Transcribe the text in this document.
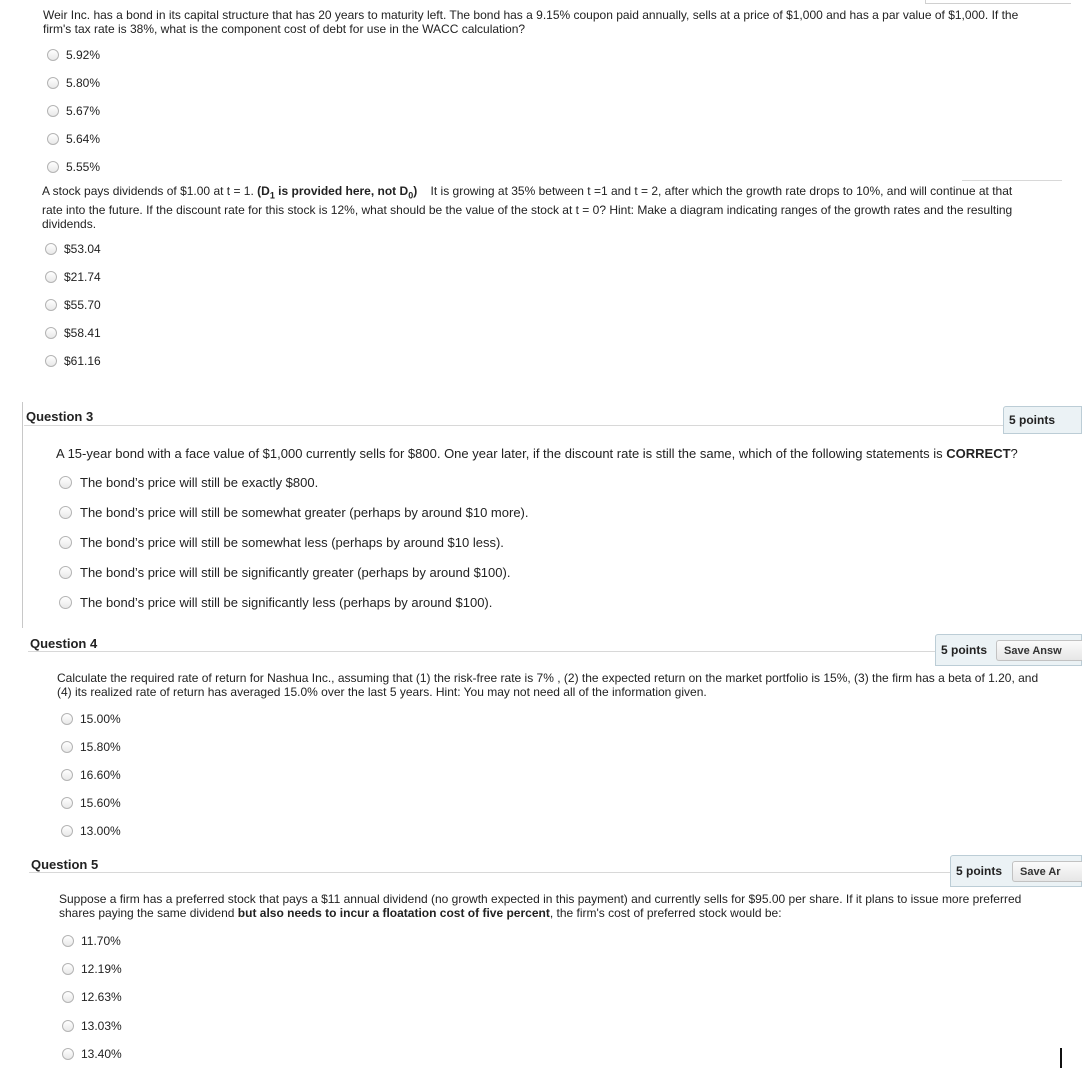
Weir Inc. has a bond in its capital structure that has 20 years to maturity left. The bond has a 9.15% coupon paid annually, sells at a price of $1,000 and has a par value of $1,000. If the
firm's tax rate is 38%, what is the component cost of debt for use in the WACC calculation?
5.92%
5.80%
5.67%
5.64%
5.55%
A stock pays dividends of $1.00 at t = 1. ($D_1$ is provided here, not $D_0$)    It is growing at 35% between t =1 and t = 2, after which the growth rate drops to 10%, and will continue at that
rate into the future. If the discount rate for this stock is 12%, what should be the value of the stock at t = 0? Hint: Make a diagram indicating ranges of the growth rates and the resulting
dividends.
$53.04
$21.74
$55.70
$58.41
$61.16
Question 3	5 points
A 15-year bond with a face value of $1,000 currently sells for $800. One year later, if the discount rate is still the same, which of the following statements is CORRECT?
The bond’s price will still be exactly $800.
The bond’s price will still be somewhat greater (perhaps by around $10 more).
The bond’s price will still be somewhat less (perhaps by around $10 less).
The bond’s price will still be significantly greater (perhaps by around $100).
The bond’s price will still be significantly less (perhaps by around $100).
Question 4	5 points	Save Answ
Calculate the required rate of return for Nashua Inc., assuming that (1) the risk-free rate is 7% , (2) the expected return on the market portfolio is 15%, (3) the firm has a beta of 1.20, and
(4) its realized rate of return has averaged 15.0% over the last 5 years. Hint: You may not need all of the information given.
15.00%
15.80%
16.60%
15.60%
13.00%
Question 5	5 points	Save Ar
Suppose a firm has a preferred stock that pays a $11 annual dividend (no growth expected in this payment) and currently sells for $95.00 per share. If it plans to issue more preferred
shares paying the same dividend but also needs to incur a floatation cost of five percent, the firm's cost of preferred stock would be:
11.70%
12.19%
12.63%
13.03%
13.40%
